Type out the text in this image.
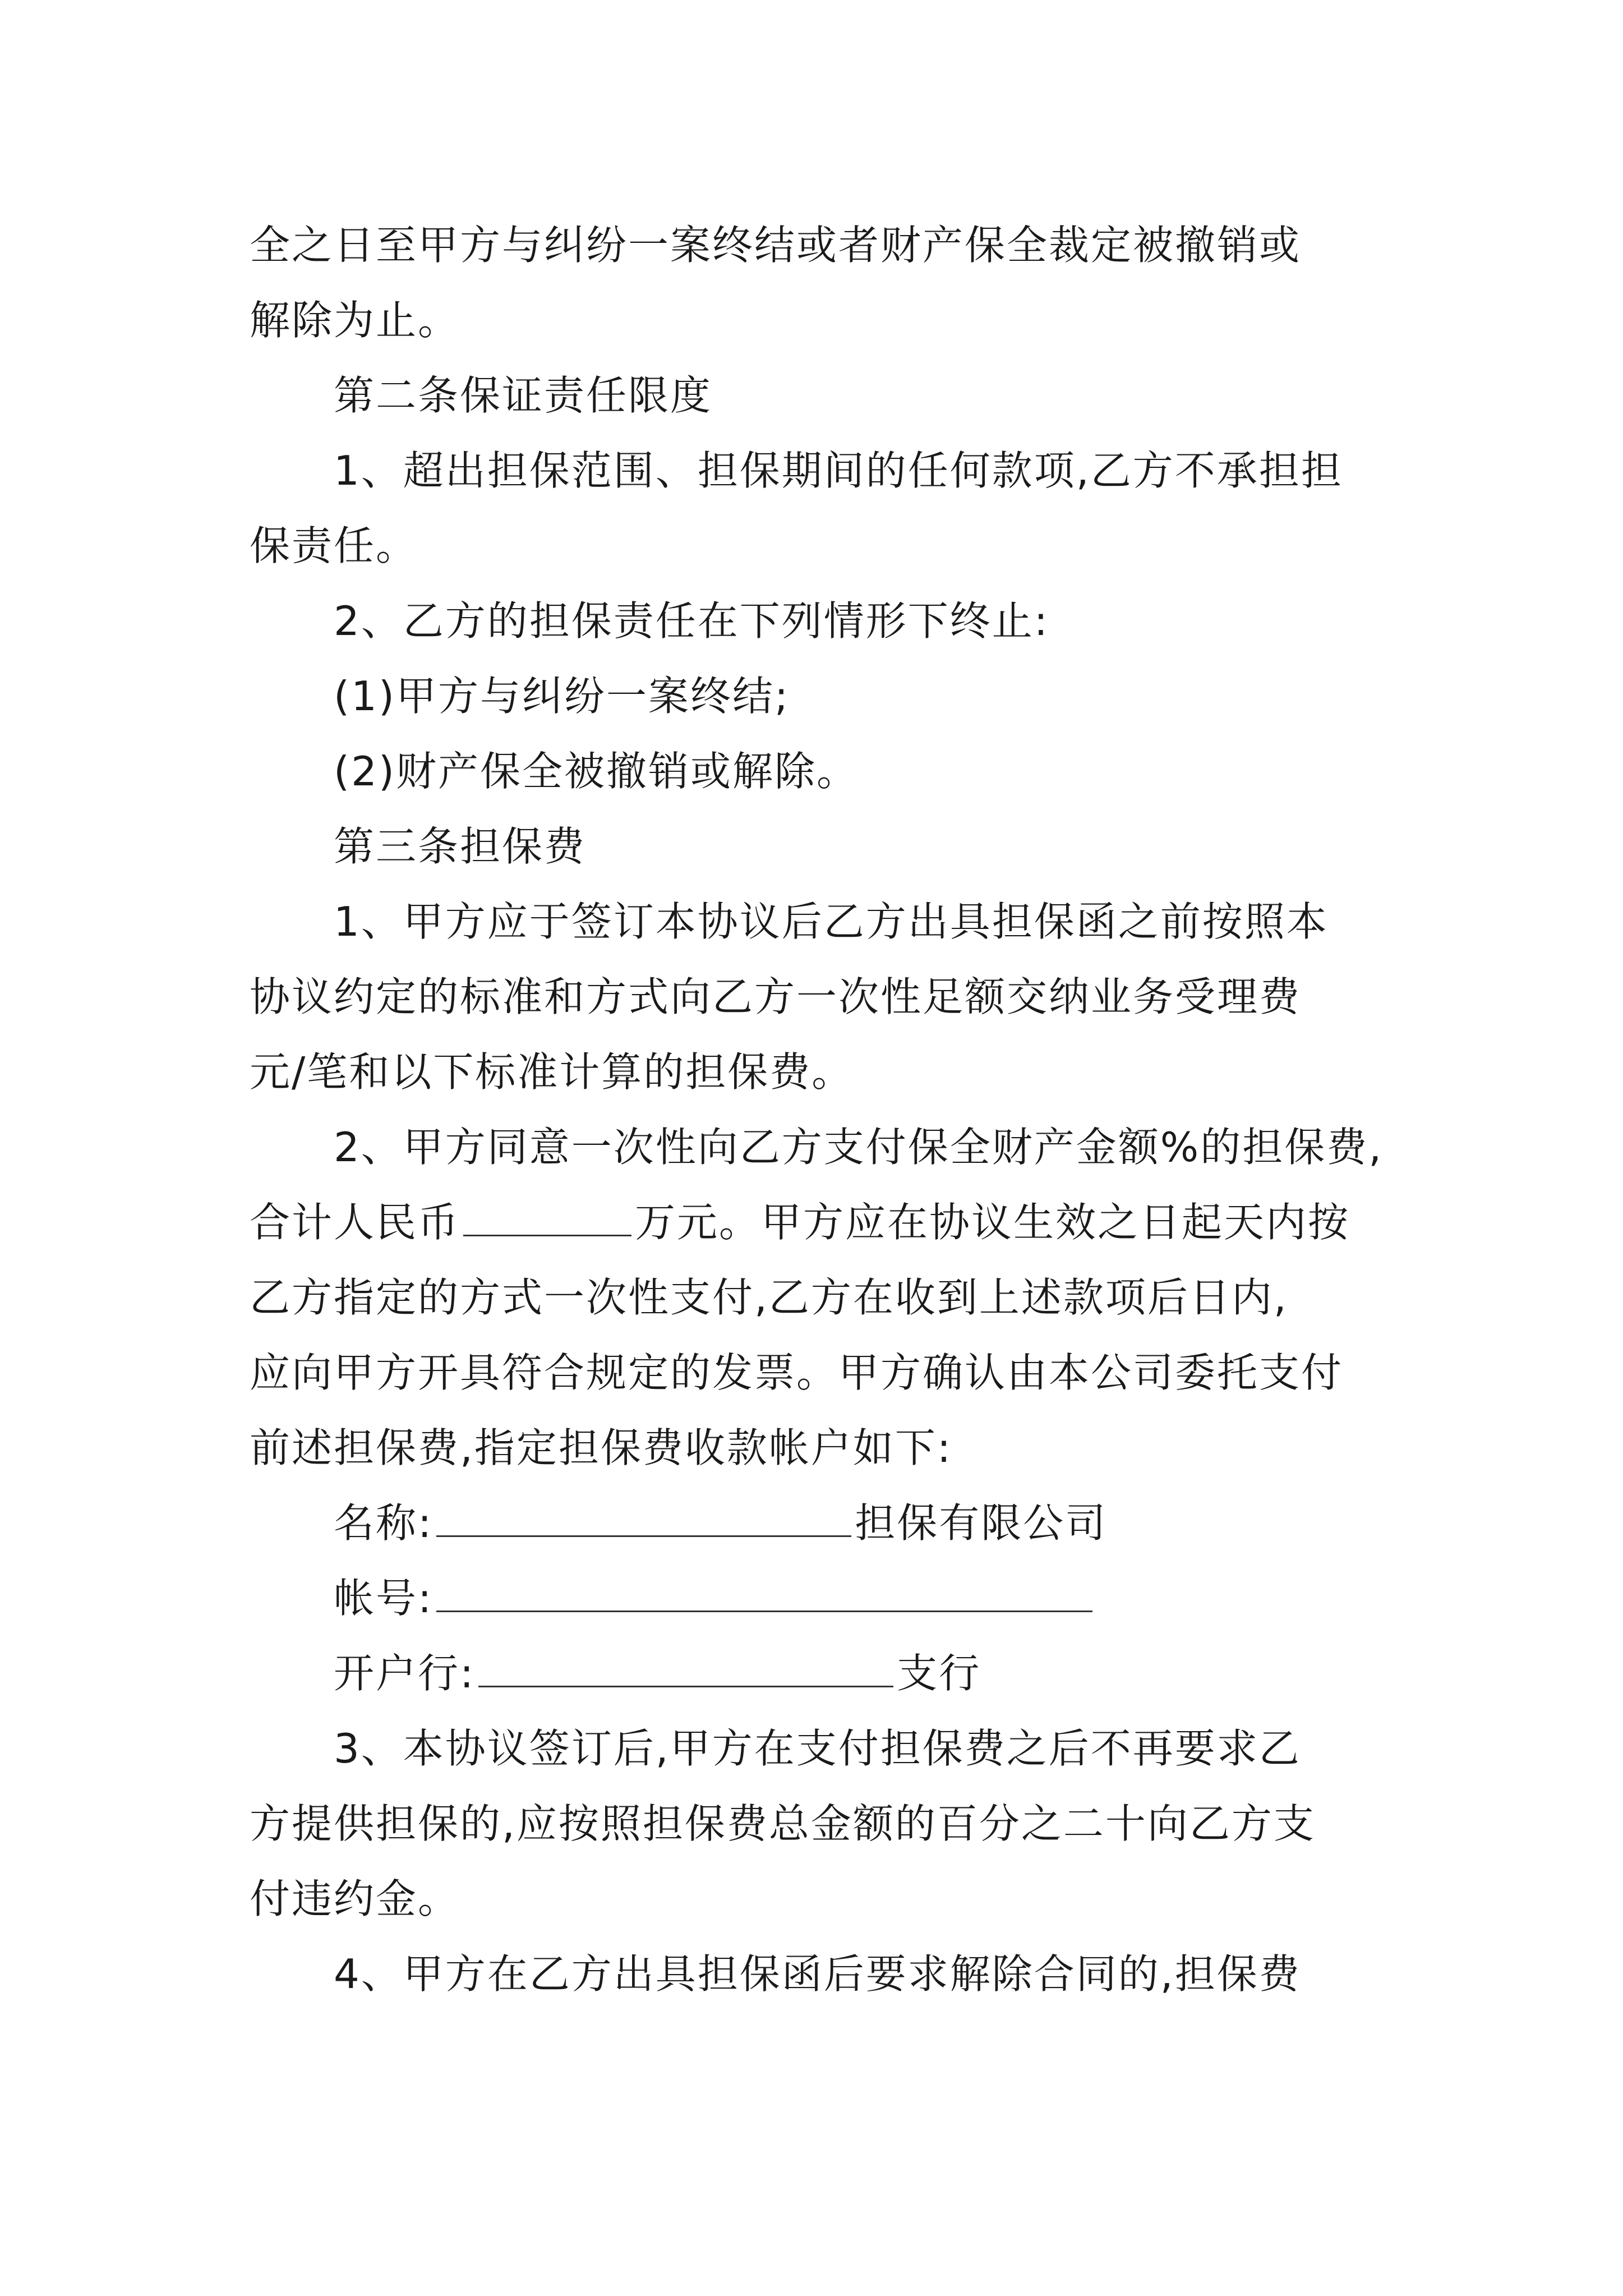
全之日至甲方与纠纷一案终结或者财产保全裁定被撤销或
解除为止。
第二条保证责任限度
1、超出担保范围、担保期间的任何款项,乙方不承担担
保责任。
2、乙方的担保责任在下列情形下终止:
(1)甲方与纠纷一案终结;
(2)财产保全被撤销或解除。
第三条担保费
1、甲方应于签订本协议后乙方出具担保函之前按照本
协议约定的标准和方式向乙方一次性足额交纳业务受理费
元/笔和以下标准计算的担保费。
2、甲方同意一次性向乙方支付保全财产金额%的担保费,
合计人民币	万元。甲方应在协议生效之日起天内按
乙方指定的方式一次性支付,乙方在收到上述款项后日内,
应向甲方开具符合规定的发票。甲方确认由本公司委托支付
前述担保费,指定担保费收款帐户如下:
名称:	担保有限公司
帐号:
开户行:	支行
3、本协议签订后,甲方在支付担保费之后不再要求乙
方提供担保的,应按照担保费总金额的百分之二十向乙方支
付违约金。
4、甲方在乙方出具担保函后要求解除合同的,担保费
